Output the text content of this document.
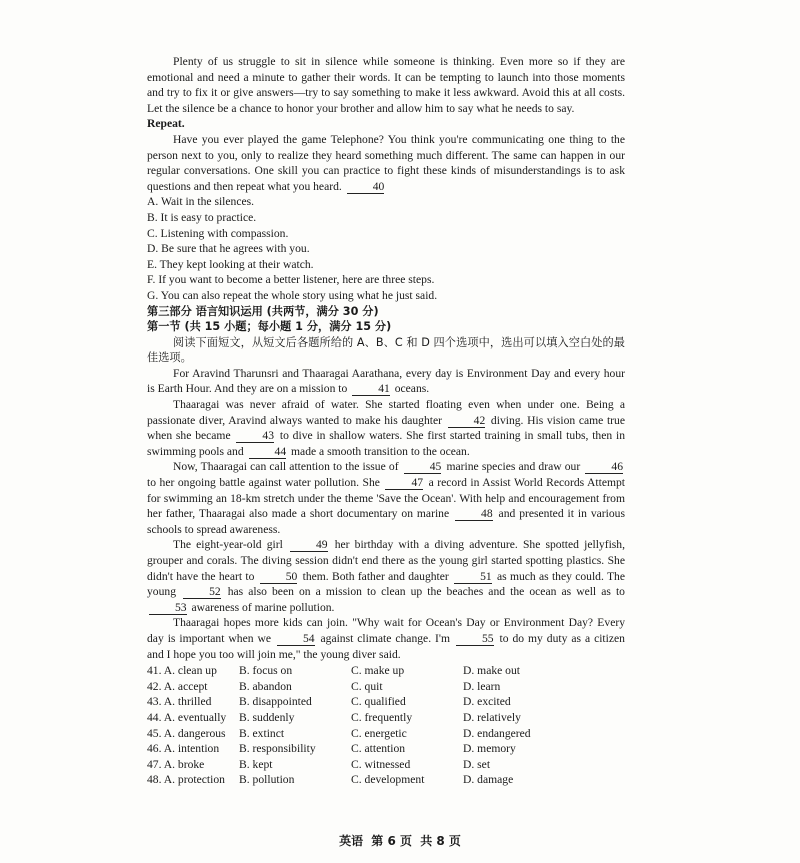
Plenty of us struggle to sit in silence while someone is thinking. Even more so if they are emotional and need a minute to gather their words. It can be tempting to launch into those moments and try to fix it or give answers—try to say something to make it less awkward. Avoid this at all costs. Let the silence be a chance to honor your brother and allow him to say what he needs to say.

Repeat.

Have you ever played the game Telephone? You think you're communicating one thing to the person next to you, only to realize they heard something much different. The same can happen in our regular conversations. One skill you can practice to fight these kinds of misunderstandings is to ask questions and then repeat what you heard.	40

A. Wait in the silences.

B. It is easy to practice.

C. Listening with compassion.

D. Be sure that he agrees with you.

E. They kept looking at their watch.

F. If you want to become a better listener, here are three steps.

G. You can also repeat the whole story using what he just said.

第三部分 语言知识运用 (共两节，满分 30 分)

第一节 (共 15 小题；每小题 1 分，满分 15 分)

阅读下面短文，从短文后各题所给的 A、B、C 和 D 四个选项中，选出可以填入空白处的最佳选项。

For Aravind Tharunsri and Thaaragai Aarathana, every day is Environment Day and every hour is Earth Hour. And they are on a mission to	41 oceans.

Thaaragai was never afraid of water. She started floating even when under one. Being a passionate diver, Aravind always wanted to make his daughter	42 diving. His vision came true when she became	43 to dive in shallow waters. She first started training in small tubs, then in swimming pools and	44 made a smooth transition to the ocean.

Now, Thaaragai can call attention to the issue of	45 marine species and draw our	46 to her ongoing battle against water pollution. She	47 a record in Assist World Records Attempt for swimming an 18-km stretch under the theme 'Save the Ocean'. With help and encouragement from her father, Thaaragai also made a short documentary on marine	48 and presented it in various schools to spread awareness.

The eight-year-old girl	49 her birthday with a diving adventure. She spotted jellyfish, grouper and corals. The diving session didn't end there as the young girl started spotting plastics. She didn't have the heart to	50 them. Both father and daughter	51 as much as they could. The young	52 has also been on a mission to clean up the beaches and the ocean as well as to 53 awareness of marine pollution.

Thaaragai hopes more kids can join. "Why wait for Ocean's Day or Environment Day? Every day is important when we	54 against climate change. I'm	55 to do my duty as a citizen and I hope you too will join me," the young diver said.

41. A. clean up	B. focus on	C. make up	D. make out
42. A. accept	B. abandon	C. quit	D. learn
43. A. thrilled	B. disappointed	C. qualified	D. excited
44. A. eventually	B. suddenly	C. frequently	D. relatively
45. A. dangerous	B. extinct	C. energetic	D. endangered
46. A. intention	B. responsibility	C. attention	D. memory
47. A. broke	B. kept	C. witnessed	D. set
48. A. protection	B. pollution	C. development	D. damage
英语 第 6 页 共 8 页
